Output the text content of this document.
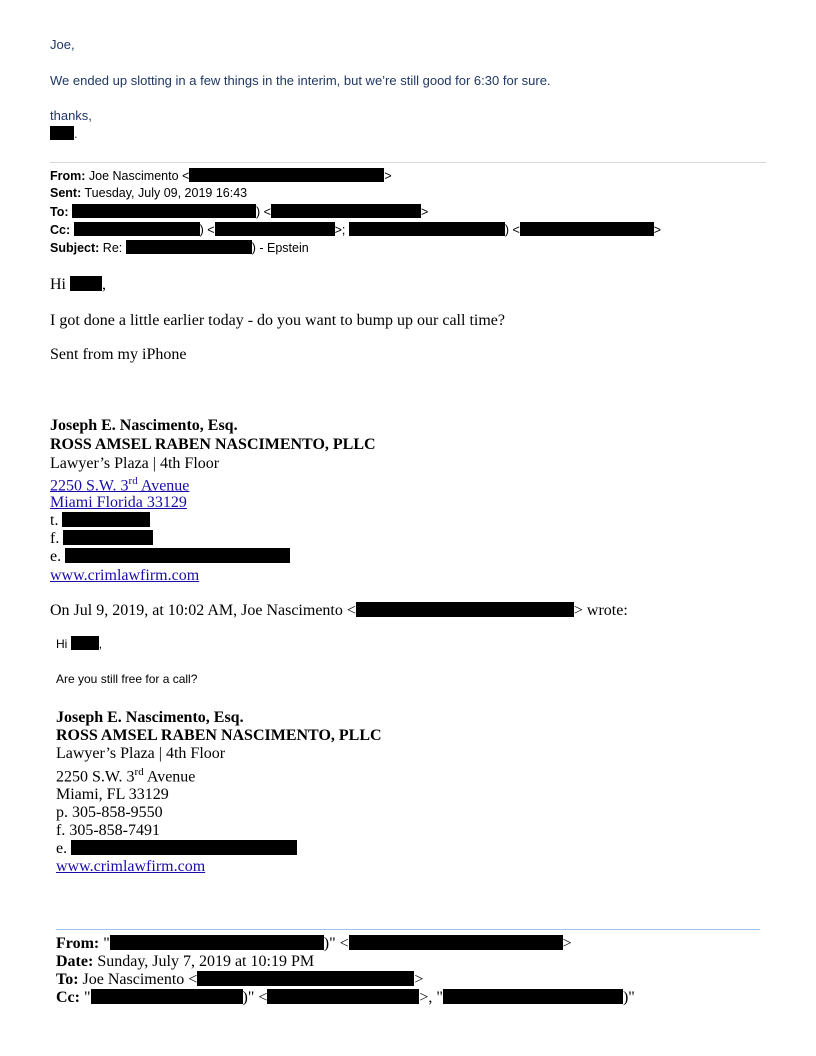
Joe,
We ended up slotting in a few things in the interim, but we’re still good for 6:30 for sure.
thanks,
.
From: Joe Nascimento <	>
Sent: Tuesday, July 09, 2019 16:43
To:	) <	>
Cc:	) <	>;	) <	>
Subject: Re:	) - Epstein
Hi ,
I got done a little earlier today - do you want to bump up our call time?
Sent from my iPhone
Joseph E. Nascimento, Esq.
ROSS AMSEL RABEN NASCIMENTO, PLLC
Lawyer’s Plaza | 4th Floor
2250 S.W. 3rd Avenue
Miami Florida 33129
t.
f.
e.
www.crimlawfirm.com
On Jul 9, 2019, at 10:02 AM, Joe Nascimento <	> wrote:
Hi	,
Are you still free for a call?
Joseph E. Nascimento, Esq.
ROSS AMSEL RABEN NASCIMENTO, PLLC
Lawyer’s Plaza | 4th Floor
2250 S.W. 3rd Avenue
Miami, FL 33129
p. 305-858-9550
f. 305-858-7491
e.
www.crimlawfirm.com
From: "	)" <	>
Date: Sunday, July 7, 2019 at 10:19 PM
To: Joe Nascimento <	>
Cc: "	)" <	>, "	)"
